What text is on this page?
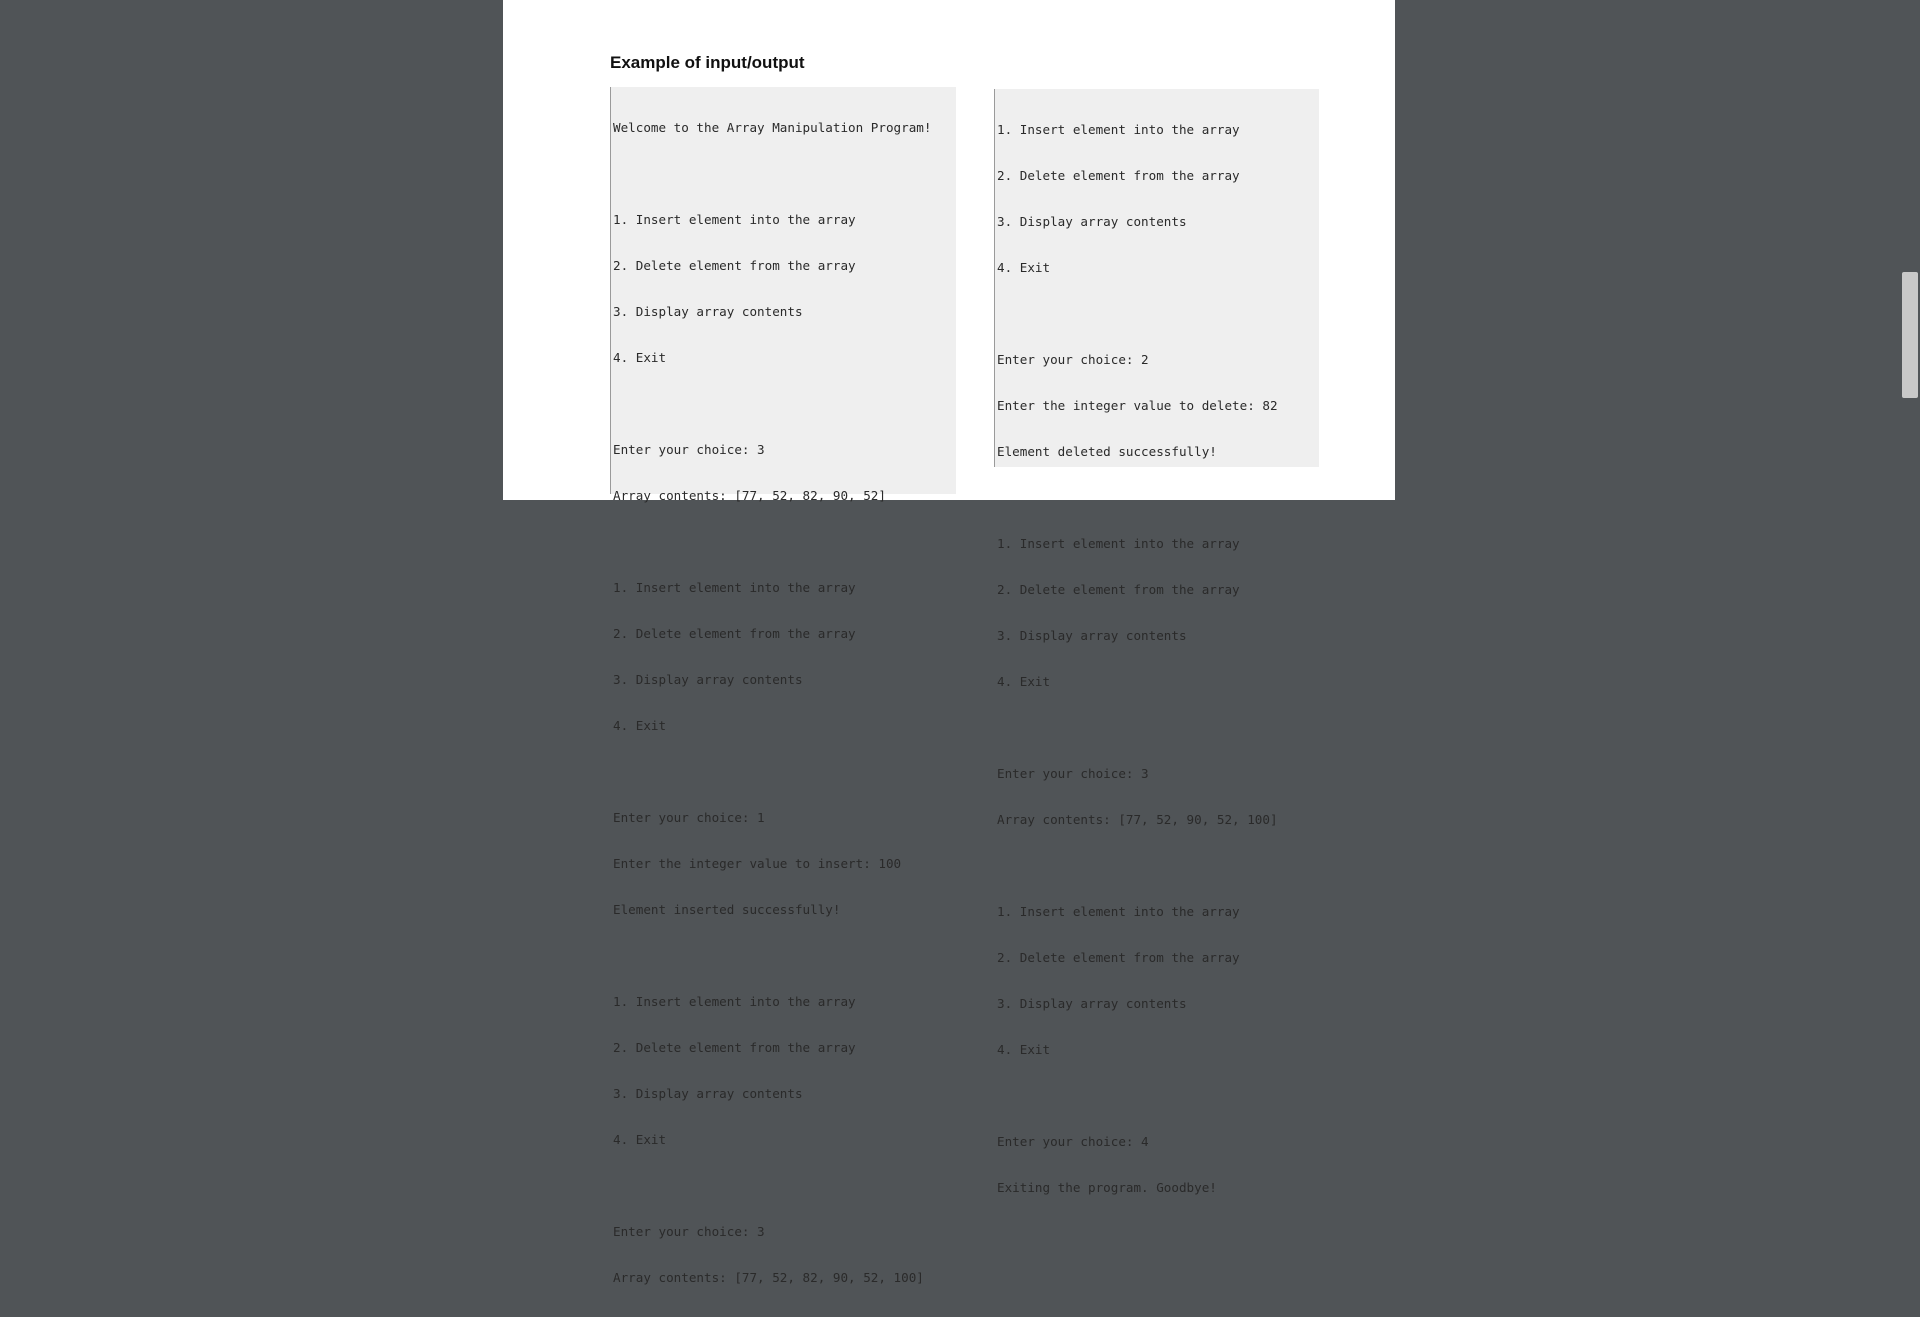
Example of input/output

Welcome to the Array Manipulation Program!

1. Insert element into the array

2. Delete element from the array

3. Display array contents

4. Exit

Enter your choice: 3

Array contents: [77, 52, 82, 90, 52]

1. Insert element into the array

2. Delete element from the array

3. Display array contents

4. Exit

Enter your choice: 1

Enter the integer value to insert: 100

Element inserted successfully!

1. Insert element into the array

2. Delete element from the array

3. Display array contents

4. Exit

Enter your choice: 3

Array contents: [77, 52, 82, 90, 52, 100]

1. Insert element into the array

2. Delete element from the array

3. Display array contents

4. Exit

Enter your choice: 2

Enter the integer value to delete: 82

Element deleted successfully!

1. Insert element into the array

2. Delete element from the array

3. Display array contents

4. Exit

Enter your choice: 3

Array contents: [77, 52, 90, 52, 100]

1. Insert element into the array

2. Delete element from the array

3. Display array contents

4. Exit

Enter your choice: 4

Exiting the program. Goodbye!
